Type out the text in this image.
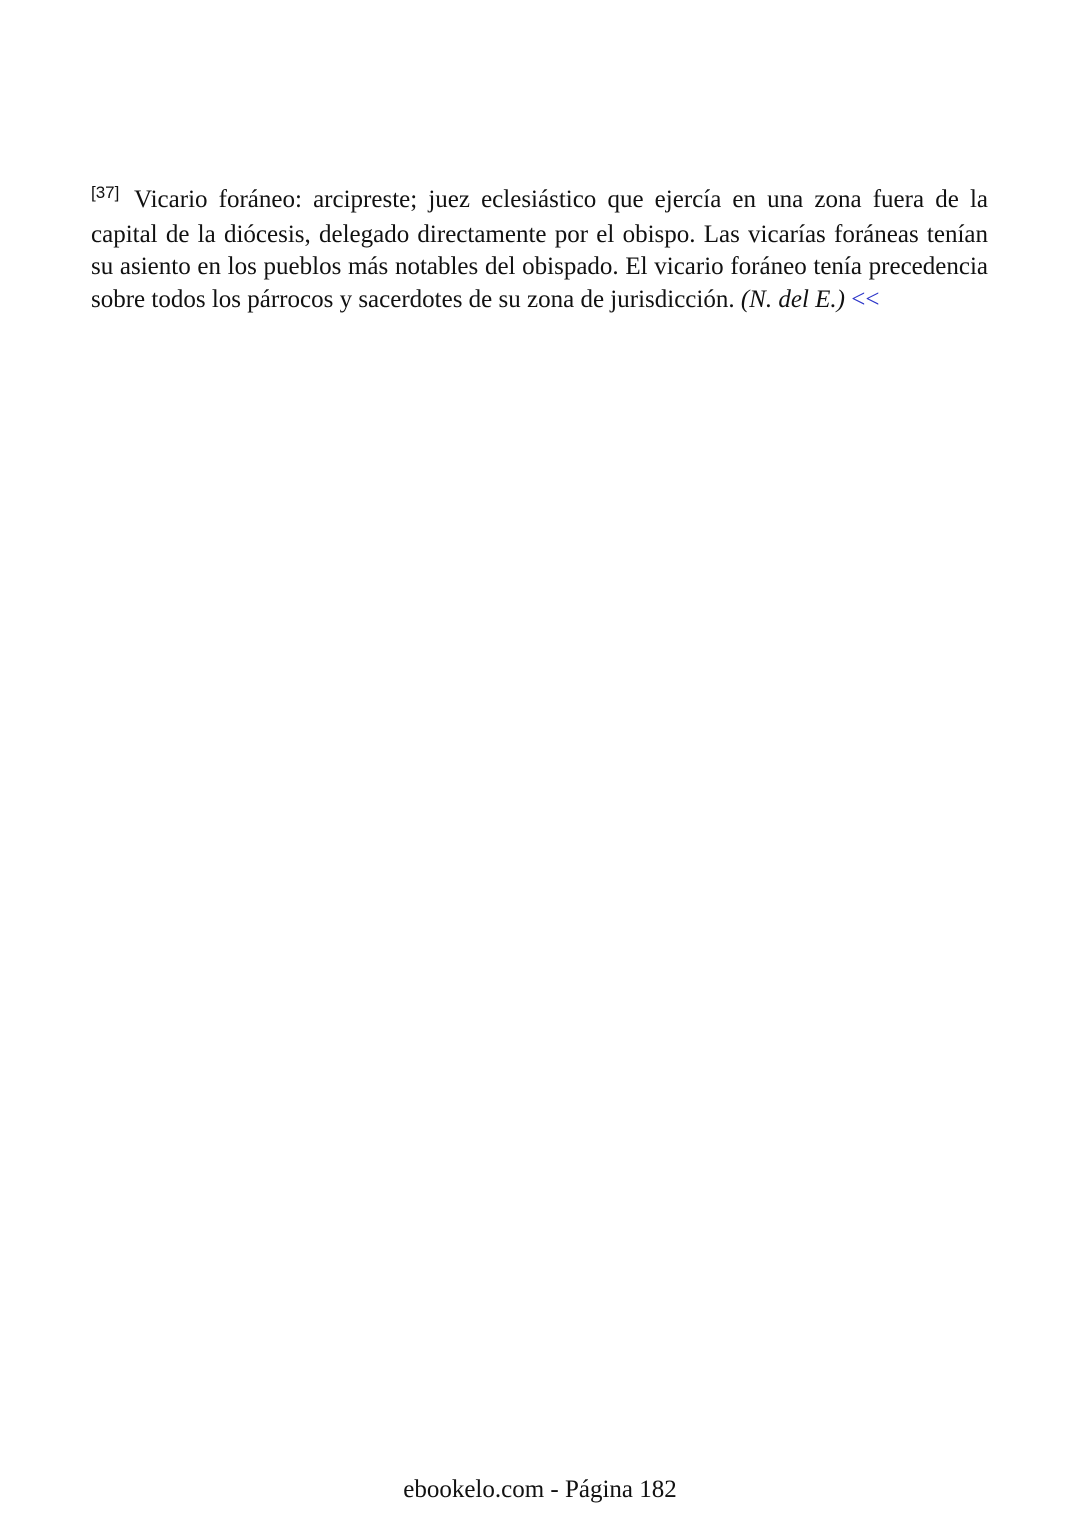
[37] Vicario foráneo: arcipreste; juez eclesiástico que ejercía en una zona fuera de la capital de la diócesis, delegado directamente por el obispo. Las vicarías foráneas tenían su asiento en los pueblos más notables del obispado. El vicario foráneo tenía precedencia sobre todos los párrocos y sacerdotes de su zona de jurisdicción. (N. del E.) <<

ebookelo.com - Página 182
